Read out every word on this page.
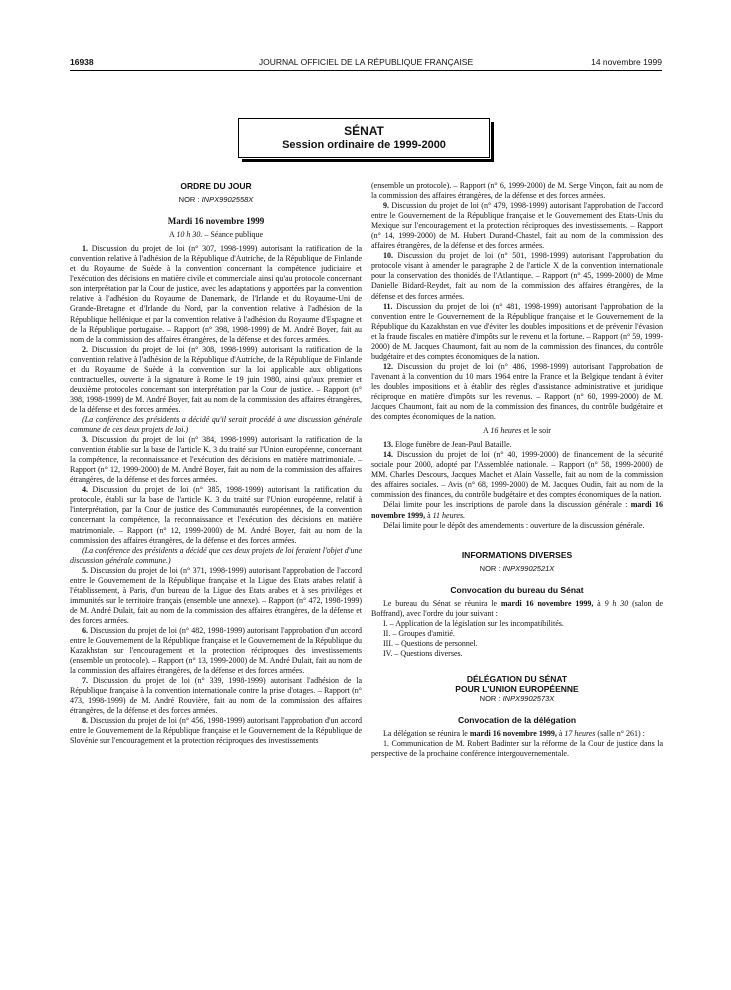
16938	JOURNAL OFFICIEL DE LA RÉPUBLIQUE FRANÇAISE	14 novembre 1999
SÉNAT
Session ordinaire de 1999-2000
ORDRE DU JOUR
NOR : INPX9902558X
Mardi 16 novembre 1999

A 10 h 30. – Séance publique

1. Discussion du projet de loi (n° 307, 1998-1999) autorisant la ratification de la convention relative à l'adhésion de la République d'Autriche, de la République de Finlande et du Royaume de Suède à la convention concernant la compétence judiciaire et l'exécution des décisions en matière civile et commerciale ainsi qu'au protocole concernant son interprétation par la Cour de justice, avec les adaptations y apportées par la convention relative à l'adhésion du Royaume de Danemark, de l'Irlande et du Royaume-Uni de Grande-Bretagne et d'Irlande du Nord, par la convention relative à l'adhésion de la République hellénique et par la convention relative à l'adhésion du Royaume d'Espagne et de la République portugaise. – Rapport (n° 398, 1998-1999) de M. André Boyer, fait au nom de la commission des affaires étrangères, de la défense et des forces armées.

2. Discussion du projet de loi (n° 308, 1998-1999) autorisant la ratification de la convention relative à l'adhésion de la République d'Autriche, de la République de Finlande et du Royaume de Suède à la convention sur la loi applicable aux obligations contractuelles, ouverte à la signature à Rome le 19 juin 1980, ainsi qu'aux premier et deuxième protocoles concernant son interprétation par la Cour de justice. – Rapport (n° 398, 1998-1999) de M. André Boyer, fait au nom de la commission des affaires étrangères, de la défense et des forces armées.

(La conférence des présidents a décidé qu'il serait procédé à une discussion générale commune de ces deux projets de loi.)

3. Discussion du projet de loi (n° 384, 1998-1999) autorisant la ratification de la convention établie sur la base de l'article K. 3 du traité sur l'Union européenne, concernant la compétence, la reconnaissance et l'exécution des décisions en matière matrimoniale. – Rapport (n° 12, 1999-2000) de M. André Boyer, fait au nom de la commission des affaires étrangères, de la défense et des forces armées.

4. Discussion du projet de loi (n° 385, 1998-1999) autorisant la ratification du protocole, établi sur la base de l'article K. 3 du traité sur l'Union européenne, relatif à l'interprétation, par la Cour de justice des Communautés européennes, de la convention concernant la compétence, la reconnaissance et l'exécution des décisions en matière matrimoniale. – Rapport (n° 12, 1999-2000) de M. André Boyer, fait au nom de la commission des affaires étrangères, de la défense et des forces armées.

(La conférence des présidents a décidé que ces deux projets de loi feraient l'objet d'une discussion générale commune.)

5. Discussion du projet de loi (n° 371, 1998-1999) autorisant l'approbation de l'accord entre le Gouvernement de la République française et la Ligue des Etats arabes relatif à l'établissement, à Paris, d'un bureau de la Ligue des Etats arabes et à ses privilèges et immunités sur le territoire français (ensemble une annexe). – Rapport (n° 472, 1998-1999) de M. André Dulait, fait au nom de la commission des affaires étrangères, de la défense et des forces armées.

6. Discussion du projet de loi (n° 482, 1998-1999) autorisant l'approbation d'un accord entre le Gouvernement de la République française et le Gouvernement de la République du Kazakhstan sur l'encouragement et la protection réciproques des investissements (ensemble un protocole). – Rapport (n° 13, 1999-2000) de M. André Dulait, fait au nom de la commission des affaires étrangères, de la défense et des forces armées.

7. Discussion du projet de loi (n° 339, 1998-1999) autorisant l'adhésion de la République française à la convention internationale contre la prise d'otages. – Rapport (n° 473, 1998-1999) de M. André Rouvière, fait au nom de la commission des affaires étrangères, de la défense et des forces armées.

8. Discussion du projet de loi (n° 456, 1998-1999) autorisant l'approbation d'un accord entre le Gouvernement de la République française et le Gouvernement de la République de Slovénie sur l'encouragement et la protection réciproques des investissements

(ensemble un protocole). – Rapport (n° 6, 1999-2000) de M. Serge Vinçon, fait au nom de la commission des affaires étrangères, de la défense et des forces armées.

9. Discussion du projet de loi (n° 479, 1998-1999) autorisant l'approbation de l'accord entre le Gouvernement de la République française et le Gouvernement des Etats-Unis du Mexique sur l'encouragement et la protection réciproques des investissements. – Rapport (n° 14, 1999-2000) de M. Hubert Durand-Chastel, fait au nom de la commission des affaires étrangères, de la défense et des forces armées.

10. Discussion du projet de loi (n° 501, 1998-1999) autorisant l'approbation du protocole visant à amender le paragraphe 2 de l'article X de la convention internationale pour la conservation des thonidés de l'Atlantique. – Rapport (n° 45, 1999-2000) de Mme Danielle Bidard-Reydet, fait au nom de la commission des affaires étrangères, de la défense et des forces armées.

11. Discussion du projet de loi (n° 481, 1998-1999) autorisant l'approbation de la convention entre le Gouvernement de la République française et le Gouvernement de la République du Kazakhstan en vue d'éviter les doubles impositions et de prévenir l'évasion et la fraude fiscales en matière d'impôts sur le revenu et la fortune. – Rapport (n° 59, 1999-2000) de M. Jacques Chaumont, fait au nom de la commission des finances, du contrôle budgétaire et des comptes économiques de la nation.

12. Discussion du projet de loi (n° 486, 1998-1999) autorisant l'approbation de l'avenant à la convention du 10 mars 1964 entre la France et la Belgique tendant à éviter les doubles impositions et à établir des règles d'assistance administrative et juridique réciproque en matière d'impôts sur les revenus. – Rapport (n° 60, 1999-2000) de M. Jacques Chaumont, fait au nom de la commission des finances, du contrôle budgétaire et des comptes économiques de la nation.

A 16 heures et le soir

13. Eloge funèbre de Jean-Paul Bataille.

14. Discussion du projet de loi (n° 40, 1999-2000) de financement de la sécurité sociale pour 2000, adopté par l'Assemblée nationale. – Rapport (n° 58, 1999-2000) de MM. Charles Descours, Jacques Machet et Alain Vasselle, fait au nom de la commission des affaires sociales. – Avis (n° 68, 1999-2000) de M. Jacques Oudin, fait au nom de la commission des finances, du contrôle budgétaire et des comptes économiques de la nation.

Délai limite pour les inscriptions de parole dans la discussion générale : mardi 16 novembre 1999, à 11 heures.

Délai limite pour le dépôt des amendements : ouverture de la discussion générale.

INFORMATIONS DIVERSES
NOR : INPX9902521X
Convocation du bureau du Sénat

Le bureau du Sénat se réunira le mardi 16 novembre 1999, à 9 h 30 (salon de Boffrand), avec l'ordre du jour suivant :

I. – Application de la législation sur les incompatibilités.

II. – Groupes d'amitié.

III. – Questions de personnel.

IV. – Questions diverses.

DÉLÉGATION DU SÉNAT
POUR L'UNION EUROPÉENNE
NOR : INPX9902573X
Convocation de la délégation

La délégation se réunira le mardi 16 novembre 1999, à 17 heures (salle n° 261) :

1. Communication de M. Robert Badinter sur la réforme de la Cour de justice dans la perspective de la prochaine conférence intergouvernementale.
